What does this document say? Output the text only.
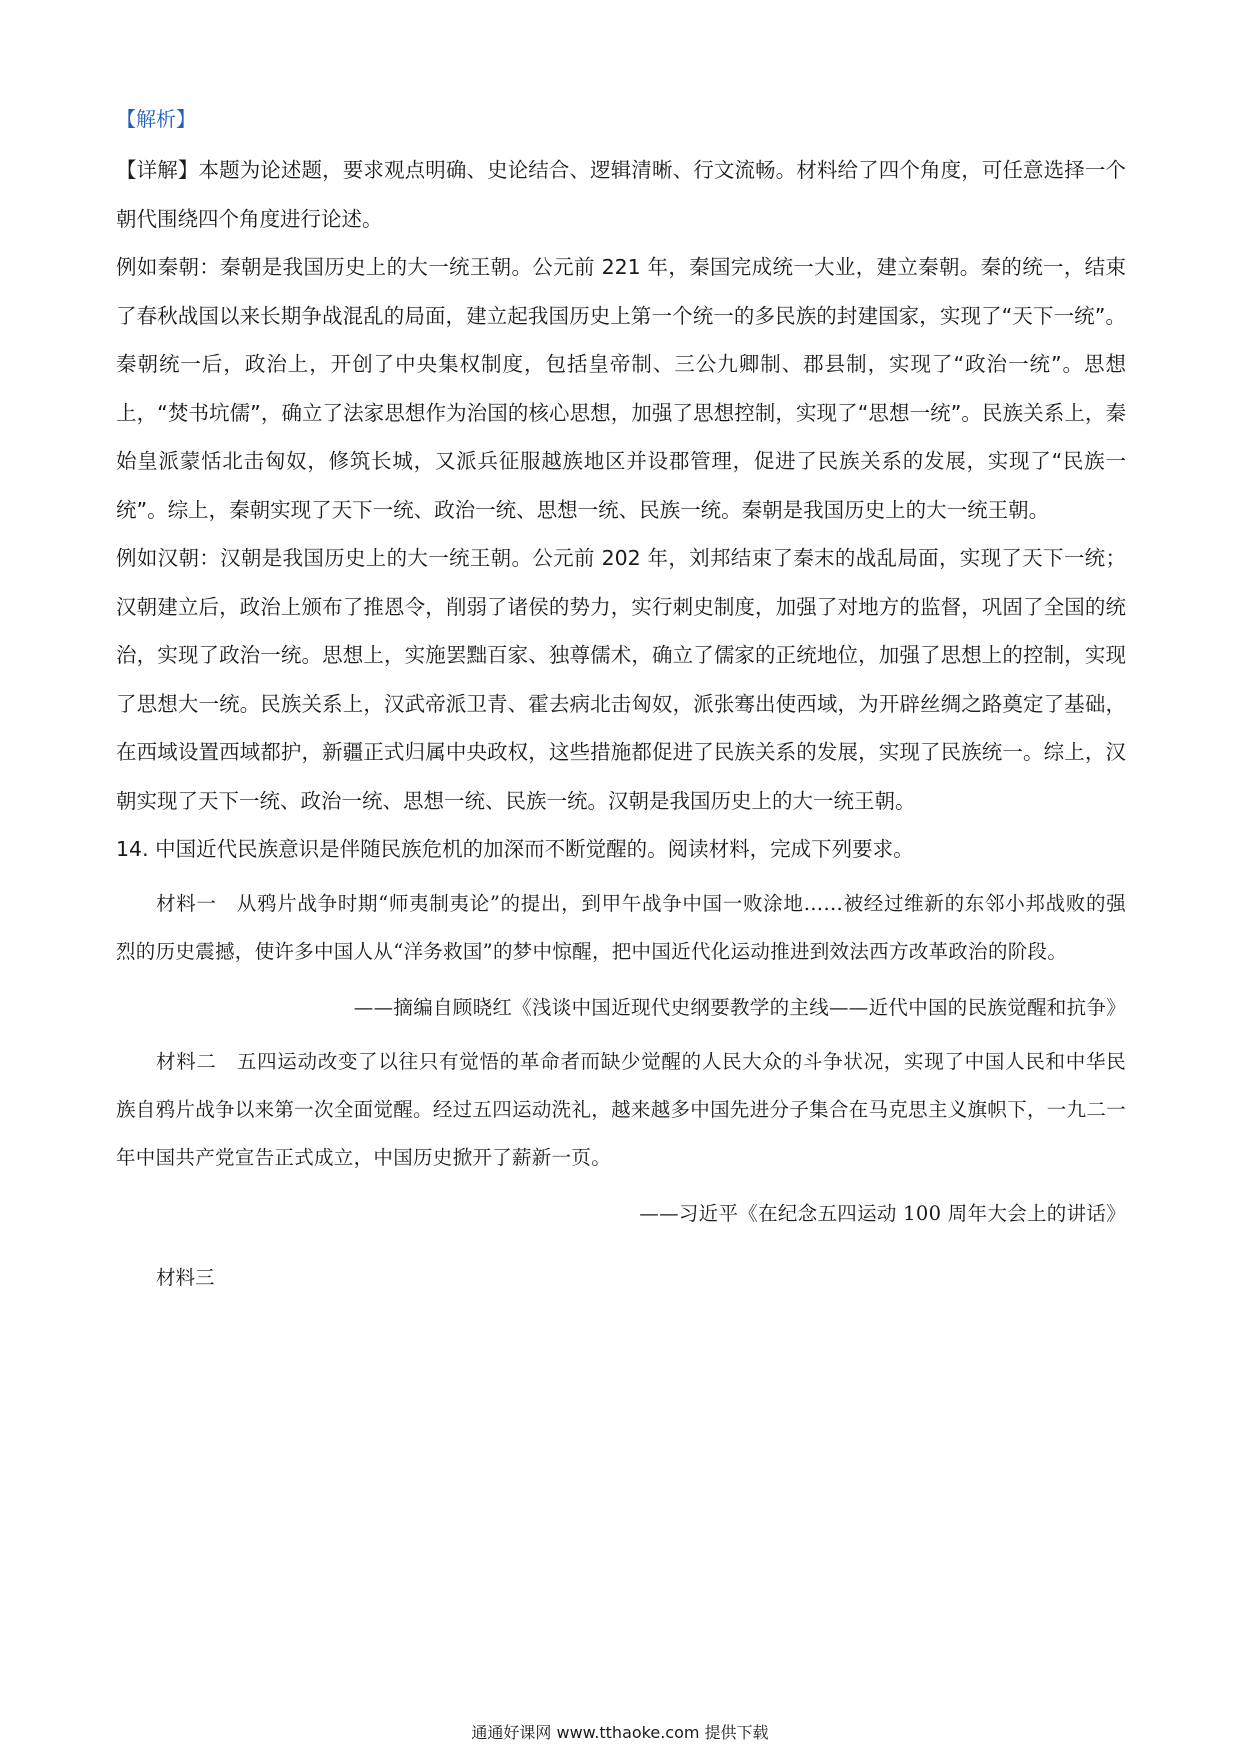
【解析】

【详解】本题为论述题，要求观点明确、史论结合、逻辑清晰、行文流畅。材料给了四个角度，可任意选择一个朝代围绕四个角度进行论述。

例如秦朝：秦朝是我国历史上的大一统王朝。公元前 221 年，秦国完成统一大业，建立秦朝。秦的统一，结束了春秋战国以来长期争战混乱的局面，建立起我国历史上第一个统一的多民族的封建国家，实现了“天下一统”。秦朝统一后，政治上，开创了中央集权制度，包括皇帝制、三公九卿制、郡县制，实现了“政治一统”。思想上，“焚书坑儒”，确立了法家思想作为治国的核心思想，加强了思想控制，实现了“思想一统”。民族关系上，秦始皇派蒙恬北击匈奴，修筑长城，又派兵征服越族地区并设郡管理，促进了民族关系的发展，实现了“民族一统”。综上，秦朝实现了天下一统、政治一统、思想一统、民族一统。秦朝是我国历史上的大一统王朝。

例如汉朝：汉朝是我国历史上的大一统王朝。公元前 202 年，刘邦结束了秦末的战乱局面，实现了天下一统；汉朝建立后，政治上颁布了推恩令，削弱了诸侯的势力，实行刺史制度，加强了对地方的监督，巩固了全国的统治，实现了政治一统。思想上，实施罢黜百家、独尊儒术，确立了儒家的正统地位，加强了思想上的控制，实现了思想大一统。民族关系上，汉武帝派卫青、霍去病北击匈奴，派张骞出使西域，为开辟丝绸之路奠定了基础，在西域设置西域都护，新疆正式归属中央政权，这些措施都促进了民族关系的发展，实现了民族统一。综上，汉朝实现了天下一统、政治一统、思想一统、民族一统。汉朝是我国历史上的大一统王朝。

14. 中国近代民族意识是伴随民族危机的加深而不断觉醒的。阅读材料，完成下列要求。

材料一　从鸦片战争时期“师夷制夷论”的提出，到甲午战争中国一败涂地……被经过维新的东邻小邦战败的强烈的历史震撼，使许多中国人从“洋务救国”的梦中惊醒，把中国近代化运动推进到效法西方改革政治的阶段。

——摘编自顾晓红《浅谈中国近现代史纲要教学的主线——近代中国的民族觉醒和抗争》

材料二　五四运动改变了以往只有觉悟的革命者而缺少觉醒的人民大众的斗争状况，实现了中国人民和中华民族自鸦片战争以来第一次全面觉醒。经过五四运动洗礼，越来越多中国先进分子集合在马克思主义旗帜下，一九二一年中国共产党宣告正式成立，中国历史掀开了薪新一页。

——习近平《在纪念五四运动 100 周年大会上的讲话》

材料三

通通好课网 www.tthaoke.com 提供下载
